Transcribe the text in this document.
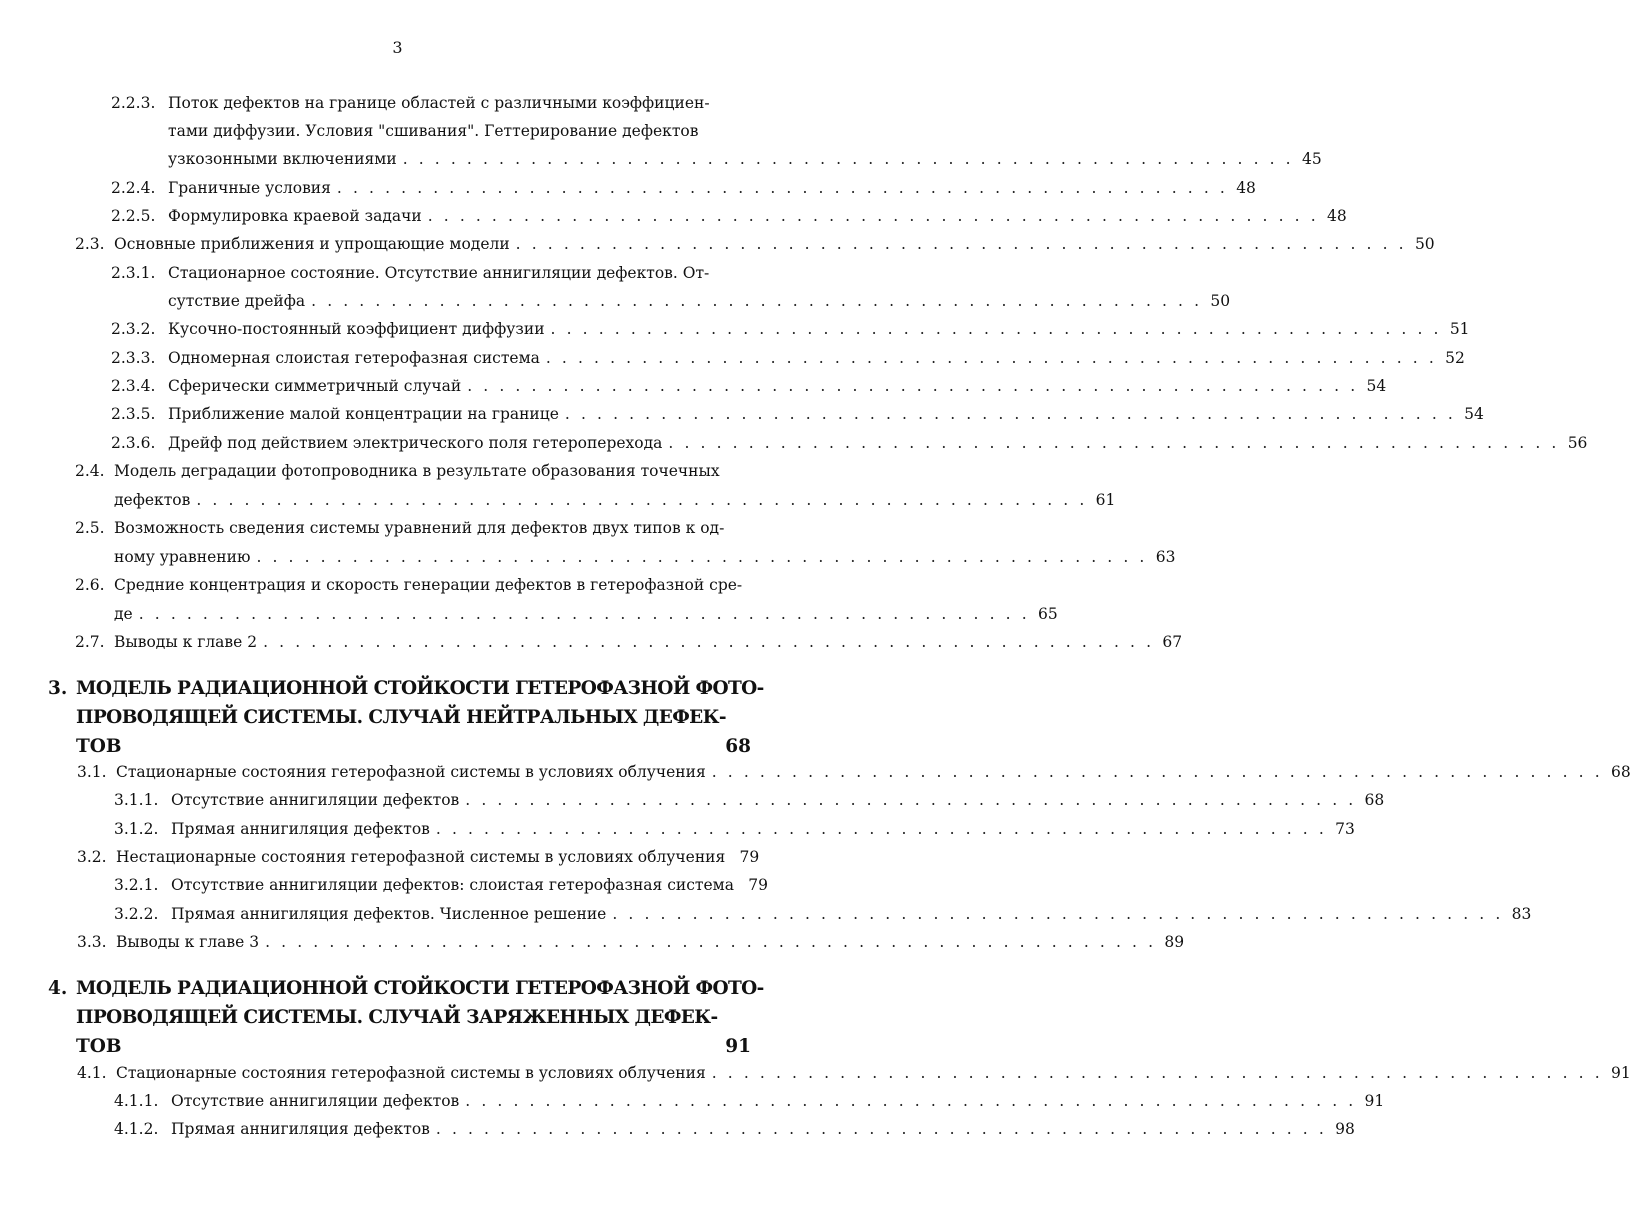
3
2.2.3. Поток дефектов на границе областей с различными коэффициен-
тами диффузии. Условия "сшивания". Геттерирование дефектов
узкозонными включениями . . . . . . . . . . . . . . . . . . . . . . . . . . . . . . . . . . . . . . . . . . . . . . . . . . . . . . . . 45
2.2.4. Граничные условия . . . . . . . . . . . . . . . . . . . . . . . . . . . . . . . . . . . . . . . . . . . . . . . . . . . . . . . . 48
2.2.5. Формулировка краевой задачи . . . . . . . . . . . . . . . . . . . . . . . . . . . . . . . . . . . . . . . . . . . . . . . . . . . . . . . . 48
2.3. Основные приближения и упрощающие модели . . . . . . . . . . . . . . . . . . . . . . . . . . . . . . . . . . . . . . . . . . . . . . . . . . . . . . . . 50
2.3.1. Стационарное состояние. Отсутствие аннигиляции дефектов. От-
сутствие дрейфа . . . . . . . . . . . . . . . . . . . . . . . . . . . . . . . . . . . . . . . . . . . . . . . . . . . . . . . . 50
2.3.2. Кусочно-постоянный коэффициент диффузии . . . . . . . . . . . . . . . . . . . . . . . . . . . . . . . . . . . . . . . . . . . . . . . . . . . . . . . . 51
2.3.3. Одномерная слоистая гетерофазная система . . . . . . . . . . . . . . . . . . . . . . . . . . . . . . . . . . . . . . . . . . . . . . . . . . . . . . . . 52
2.3.4. Сферически симметричный случай . . . . . . . . . . . . . . . . . . . . . . . . . . . . . . . . . . . . . . . . . . . . . . . . . . . . . . . . 54
2.3.5. Приближение малой концентрации на границе . . . . . . . . . . . . . . . . . . . . . . . . . . . . . . . . . . . . . . . . . . . . . . . . . . . . . . . . 54
2.3.6. Дрейф под действием электрического поля гетероперехода . . . . . . . . . . . . . . . . . . . . . . . . . . . . . . . . . . . . . . . . . . . . . . . . . . . . . . . . 56
2.4. Модель деградации фотопроводника в результате образования точечных
дефектов . . . . . . . . . . . . . . . . . . . . . . . . . . . . . . . . . . . . . . . . . . . . . . . . . . . . . . . . 61
2.5. Возможность сведения системы уравнений для дефектов двух типов к од-
ному уравнению . . . . . . . . . . . . . . . . . . . . . . . . . . . . . . . . . . . . . . . . . . . . . . . . . . . . . . . . 63
2.6. Средние концентрация и скорость генерации дефектов в гетерофазной сре-
де . . . . . . . . . . . . . . . . . . . . . . . . . . . . . . . . . . . . . . . . . . . . . . . . . . . . . . . . 65
2.7. Выводы к главе 2 . . . . . . . . . . . . . . . . . . . . . . . . . . . . . . . . . . . . . . . . . . . . . . . . . . . . . . . . 67
3. МОДЕЛЬ РАДИАЦИОННОЙ СТОЙКОСТИ ГЕТЕРОФАЗНОЙ ФОТО-
ПРОВОДЯЩЕЙ СИСТЕМЫ. СЛУЧАЙ НЕЙТРАЛЬНЫХ ДЕФЕК-
ТОВ	68
3.1. Стационарные состояния гетерофазной системы в условиях облучения . . . . . . . . . . . . . . . . . . . . . . . . . . . . . . . . . . . . . . . . . . . . . . . . . . . . . . . . 68
3.1.1. Отсутствие аннигиляции дефектов . . . . . . . . . . . . . . . . . . . . . . . . . . . . . . . . . . . . . . . . . . . . . . . . . . . . . . . . 68
3.1.2. Прямая аннигиляция дефектов . . . . . . . . . . . . . . . . . . . . . . . . . . . . . . . . . . . . . . . . . . . . . . . . . . . . . . . . 73
3.2. Нестационарные состояния гетерофазной системы в условиях облучения 79
3.2.1. Отсутствие аннигиляции дефектов: слоистая гетерофазная система 79
3.2.2. Прямая аннигиляция дефектов. Численное решение . . . . . . . . . . . . . . . . . . . . . . . . . . . . . . . . . . . . . . . . . . . . . . . . . . . . . . . . 83
3.3. Выводы к главе 3 . . . . . . . . . . . . . . . . . . . . . . . . . . . . . . . . . . . . . . . . . . . . . . . . . . . . . . . . 89
4. МОДЕЛЬ РАДИАЦИОННОЙ СТОЙКОСТИ ГЕТЕРОФАЗНОЙ ФОТО-
ПРОВОДЯЩЕЙ СИСТЕМЫ. СЛУЧАЙ ЗАРЯЖЕННЫХ ДЕФЕК-
ТОВ	91
4.1. Стационарные состояния гетерофазной системы в условиях облучения . . . . . . . . . . . . . . . . . . . . . . . . . . . . . . . . . . . . . . . . . . . . . . . . . . . . . . . . 91
4.1.1. Отсутствие аннигиляции дефектов . . . . . . . . . . . . . . . . . . . . . . . . . . . . . . . . . . . . . . . . . . . . . . . . . . . . . . . . 91
4.1.2. Прямая аннигиляция дефектов . . . . . . . . . . . . . . . . . . . . . . . . . . . . . . . . . . . . . . . . . . . . . . . . . . . . . . . . 98
